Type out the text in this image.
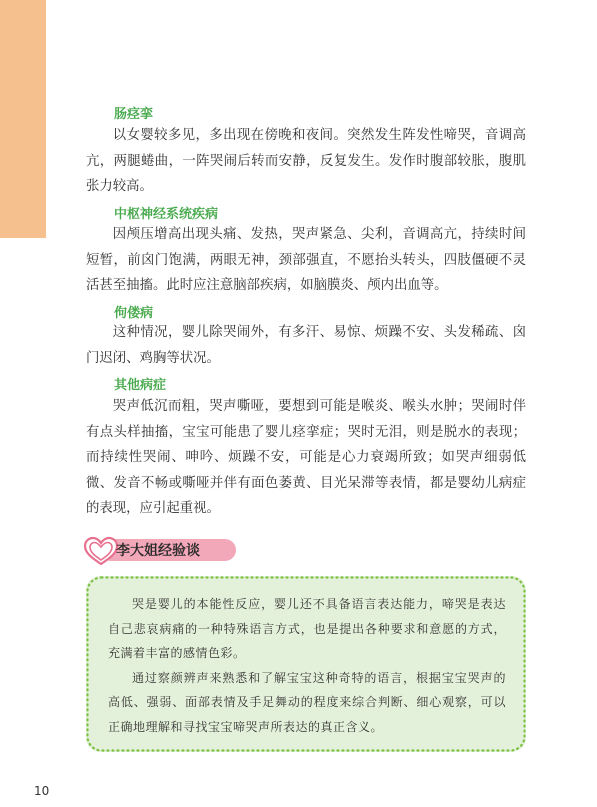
肠痉挛
以女婴较多见，多出现在傍晚和夜间。突然发生阵发性啼哭，音调高亢，两腿蜷曲，一阵哭闹后转而安静，反复发生。发作时腹部较胀，腹肌张力较高。
中枢神经系统疾病
因颅压增高出现头痛、发热，哭声紧急、尖利，音调高亢，持续时间短暂，前囟门饱满，两眼无神，颈部强直，不愿抬头转头，四肢僵硬不灵活甚至抽搐。此时应注意脑部疾病，如脑膜炎、颅内出血等。
佝偻病
这种情况，婴儿除哭闹外，有多汗、易惊、烦躁不安、头发稀疏、囟门迟闭、鸡胸等状况。
其他病症
哭声低沉而粗，哭声嘶哑，要想到可能是喉炎、喉头水肿；哭闹时伴有点头样抽搐，宝宝可能患了婴儿痉挛症；哭时无泪，则是脱水的表现；而持续性哭闹、呻吟、烦躁不安，可能是心力衰竭所致；如哭声细弱低微、发音不畅或嘶哑并伴有面色萎黄、目光呆滞等表情，都是婴幼儿病症的表现，应引起重视。
李大姐经验谈

哭是婴儿的本能性反应，婴儿还不具备语言表达能力，啼哭是表达自己悲哀病痛的一种特殊语言方式，也是提出各种要求和意愿的方式，充满着丰富的感情色彩。

通过察颜辨声来熟悉和了解宝宝这种奇特的语言，根据宝宝哭声的高低、强弱、面部表情及手足舞动的程度来综合判断、细心观察，可以正确地理解和寻找宝宝啼哭声所表达的真正含义。

10
